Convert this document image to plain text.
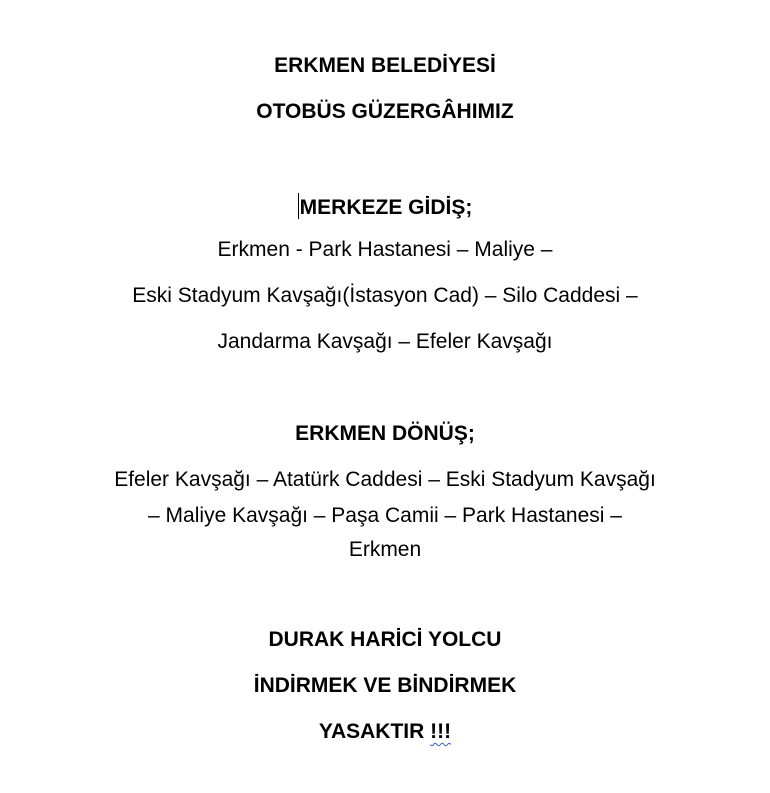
ERKMEN BELEDİYESİ
OTOBÜS GÜZERGÂHIMIZ
MERKEZE GİDİŞ;
Erkmen - Park Hastanesi – Maliye –
Eski Stadyum Kavşağı(İstasyon Cad) – Silo Caddesi –
Jandarma Kavşağı – Efeler Kavşağı
ERKMEN DÖNÜŞ;
Efeler Kavşağı – Atatürk Caddesi – Eski Stadyum Kavşağı
– Maliye Kavşağı – Paşa Camii – Park Hastanesi –
Erkmen
DURAK HARİCİ YOLCU
İNDİRMEK VE BİNDİRMEK
YASAKTIR !!!
